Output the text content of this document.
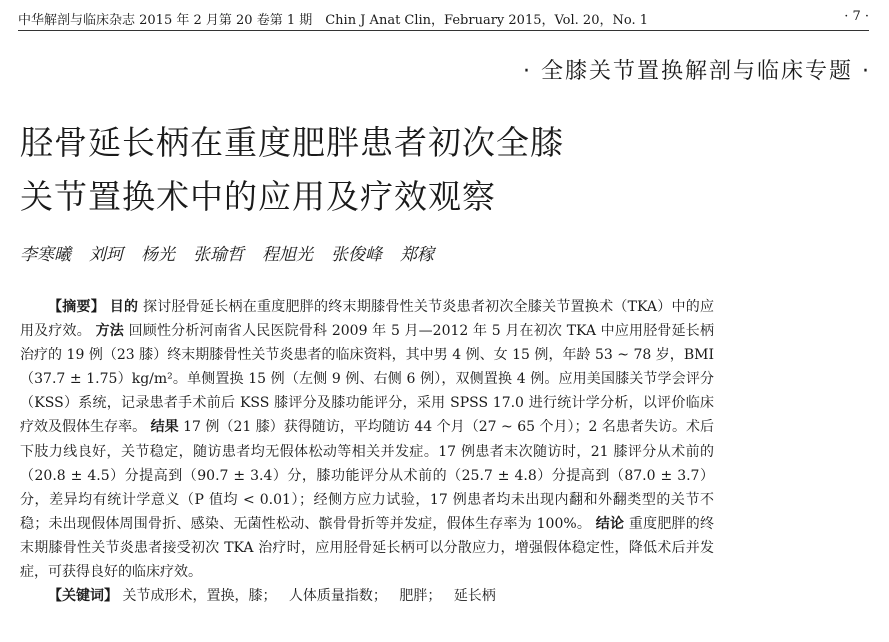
中华解剖与临床杂志 2015 年 2 月第 20 卷第 1 期　Chin J Anat Clin，February 2015，Vol. 20，No. 1	· 7 ·
· 全膝关节置换解剖与临床专题 ·
胫骨延长柄在重度肥胖患者初次全膝
关节置换术中的应用及疗效观察
李寒曦 刘珂 杨光 张瑜哲 程旭光 张俊峰 郑稼

【摘要】 目的 探讨胫骨延长柄在重度肥胖的终末期膝骨性关节炎患者初次全膝关节置换术（TKA）中的应用及疗效。 方法 回顾性分析河南省人民医院骨科 2009 年 5 月—2012 年 5 月在初次 TKA 中应用胫骨延长柄治疗的 19 例（23 膝）终末期膝骨性关节炎患者的临床资料，其中男 4 例、女 15 例，年龄 53 ~ 78 岁，BMI（37.7 ± 1.75）kg/m²。单侧置换 15 例（左侧 9 例、右侧 6 例），双侧置换 4 例。应用美国膝关节学会评分（KSS）系统，记录患者手术前后 KSS 膝评分及膝功能评分，采用 SPSS 17.0 进行统计学分析，以评价临床疗效及假体生存率。 结果 17 例（21 膝）获得随访，平均随访 44 个月（27 ~ 65 个月）；2 名患者失访。术后下肢力线良好，关节稳定，随访患者均无假体松动等相关并发症。17 例患者末次随访时，21 膝评分从术前的（20.8 ± 4.5）分提高到（90.7 ± 3.4）分，膝功能评分从术前的（25.7 ± 4.8）分提高到（87.0 ± 3.7）分，差异均有统计学意义（P 值均 < 0.01）；经侧方应力试验，17 例患者均未出现内翻和外翻类型的关节不稳；未出现假体周围骨折、感染、无菌性松动、髌骨骨折等并发症，假体生存率为 100%。 结论 重度肥胖的终末期膝骨性关节炎患者接受初次 TKA 治疗时，应用胫骨延长柄可以分散应力，增强假体稳定性，降低术后并发症，可获得良好的临床疗效。

【关键词】 关节成形术，置换，膝 ； 人体质量指数 ； 肥胖 ； 延长柄
